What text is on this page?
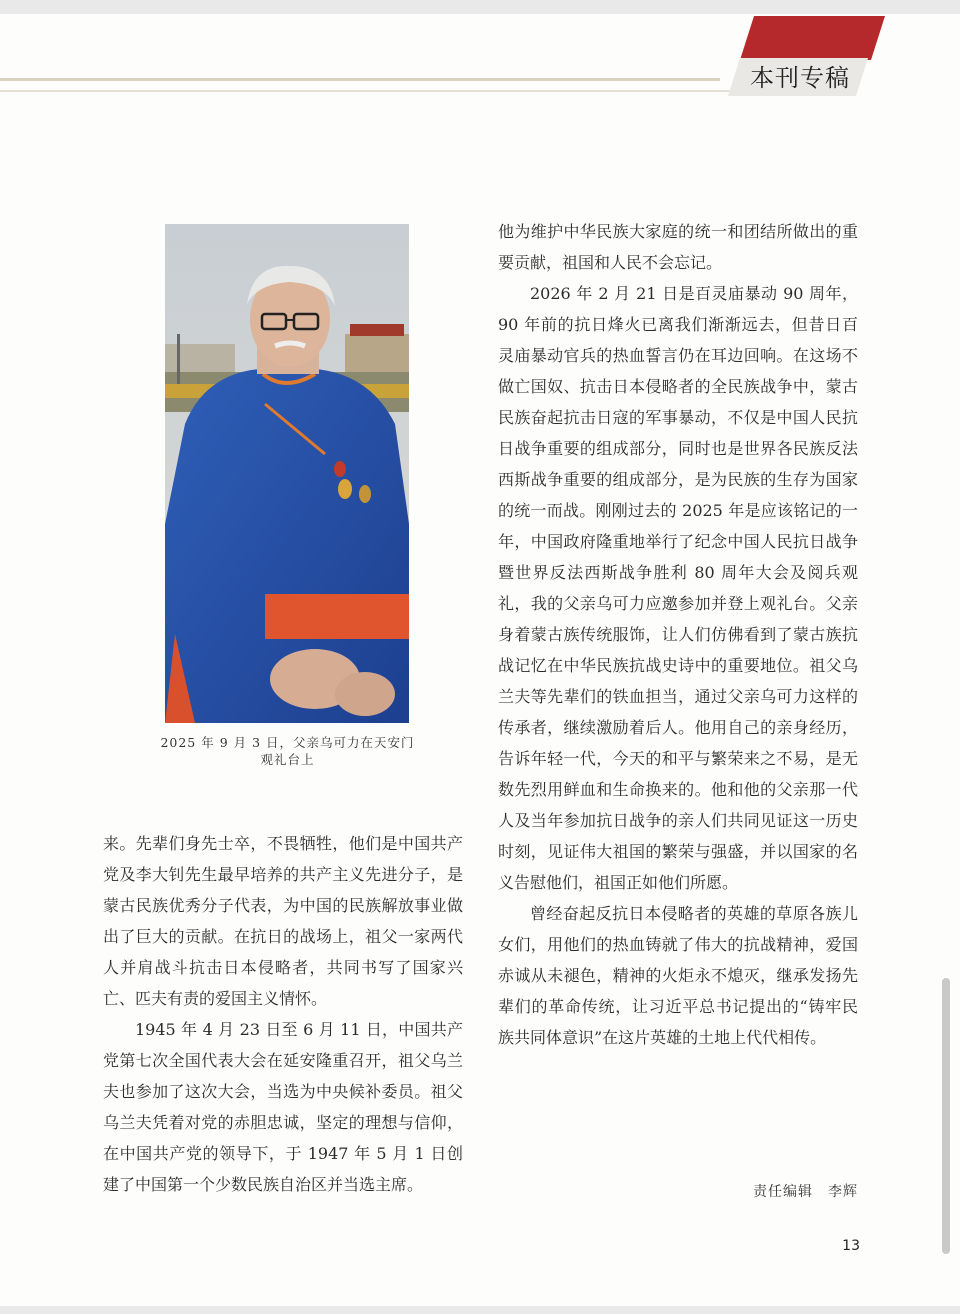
本刊专稿
2025 年 9 月 3 日，父亲乌可力在天安门
观礼台上

来。先辈们身先士卒，不畏牺牲，他们是中国共产党及李大钊先生最早培养的共产主义先进分子，是蒙古民族优秀分子代表，为中国的民族解放事业做出了巨大的贡献。在抗日的战场上，祖父一家两代人并肩战斗抗击日本侵略者，共同书写了国家兴亡、匹夫有责的爱国主义情怀。

1945 年 4 月 23 日至 6 月 11 日，中国共产党第七次全国代表大会在延安隆重召开，祖父乌兰夫也参加了这次大会，当选为中央候补委员。祖父乌兰夫凭着对党的赤胆忠诚，坚定的理想与信仰，在中国共产党的领导下，于 1947 年 5 月 1 日创建了中国第一个少数民族自治区并当选主席。

他为维护中华民族大家庭的统一和团结所做出的重要贡献，祖国和人民不会忘记。

2026 年 2 月 21 日是百灵庙暴动 90 周年，90 年前的抗日烽火已离我们渐渐远去，但昔日百灵庙暴动官兵的热血誓言仍在耳边回响。在这场不做亡国奴、抗击日本侵略者的全民族战争中，蒙古民族奋起抗击日寇的军事暴动，不仅是中国人民抗日战争重要的组成部分，同时也是世界各民族反法西斯战争重要的组成部分，是为民族的生存为国家的统一而战。刚刚过去的 2025 年是应该铭记的一年，中国政府隆重地举行了纪念中国人民抗日战争暨世界反法西斯战争胜利 80 周年大会及阅兵观礼，我的父亲乌可力应邀参加并登上观礼台。父亲身着蒙古族传统服饰，让人们仿佛看到了蒙古族抗战记忆在中华民族抗战史诗中的重要地位。祖父乌兰夫等先辈们的铁血担当，通过父亲乌可力这样的传承者，继续激励着后人。他用自己的亲身经历，告诉年轻一代，今天的和平与繁荣来之不易，是无数先烈用鲜血和生命换来的。他和他的父亲那一代人及当年参加抗日战争的亲人们共同见证这一历史时刻，见证伟大祖国的繁荣与强盛，并以国家的名义告慰他们，祖国正如他们所愿。

曾经奋起反抗日本侵略者的英雄的草原各族儿女们，用他们的热血铸就了伟大的抗战精神，爱国赤诚从未褪色，精神的火炬永不熄灭，继承发扬先辈们的革命传统，让习近平总书记提出的“铸牢民族共同体意识”在这片英雄的土地上代代相传。

责任编辑　李辉
13
